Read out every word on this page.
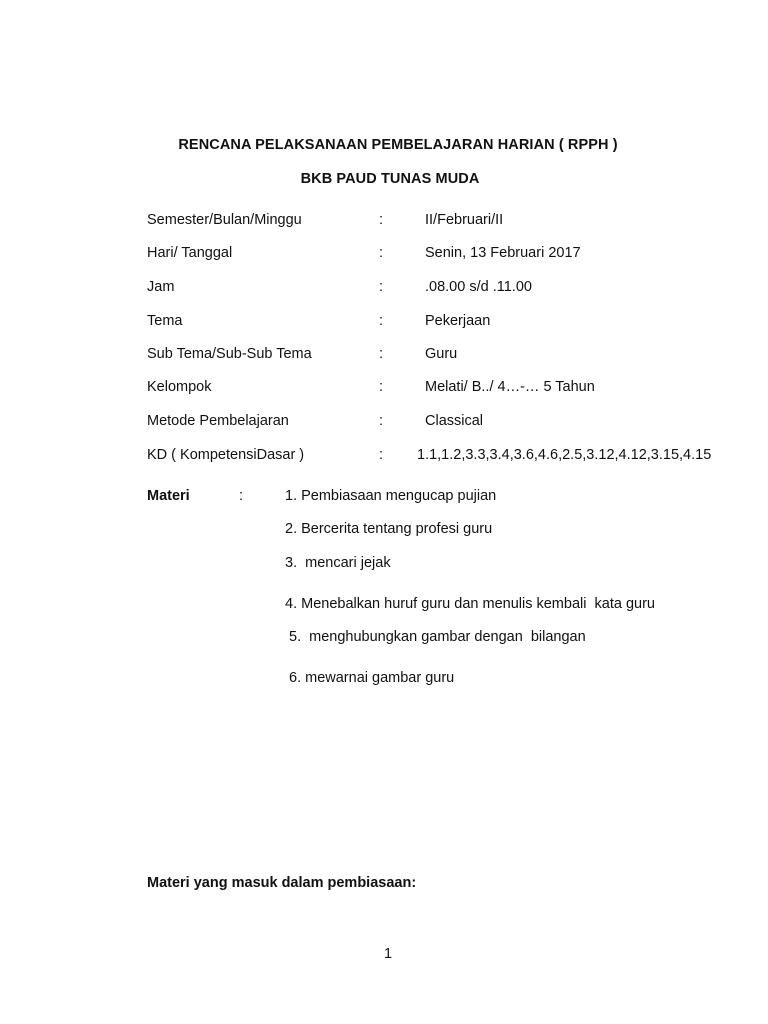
RENCANA PELAKSANAAN PEMBELAJARAN HARIAN ( RPPH )
BKB PAUD TUNAS MUDA
Semester/Bulan/Minggu	:	II/Februari/II
Hari/ Tanggal	:	Senin, 13 Februari 2017
Jam	:	.08.00 s/d .11.00
Tema	:	Pekerjaan
Sub Tema/Sub-Sub Tema	:	Guru
Kelompok	:	Melati/ B../ 4…-… 5 Tahun
Metode Pembelajaran	:	Classical
KD ( KompetensiDasar )	: 1.1,1.2,3.3,3.4,3.6,4.6,2.5,3.12,4.12,3.15,4.15
Materi	:	1. Pembiasaan mengucap pujian
2. Bercerita tentang profesi guru
3.  mencari jejak
4. Menebalkan huruf guru dan menulis kembali  kata guru
5.  menghubungkan gambar dengan  bilangan
6. mewarnai gambar guru
Materi yang masuk dalam pembiasaan:
1
